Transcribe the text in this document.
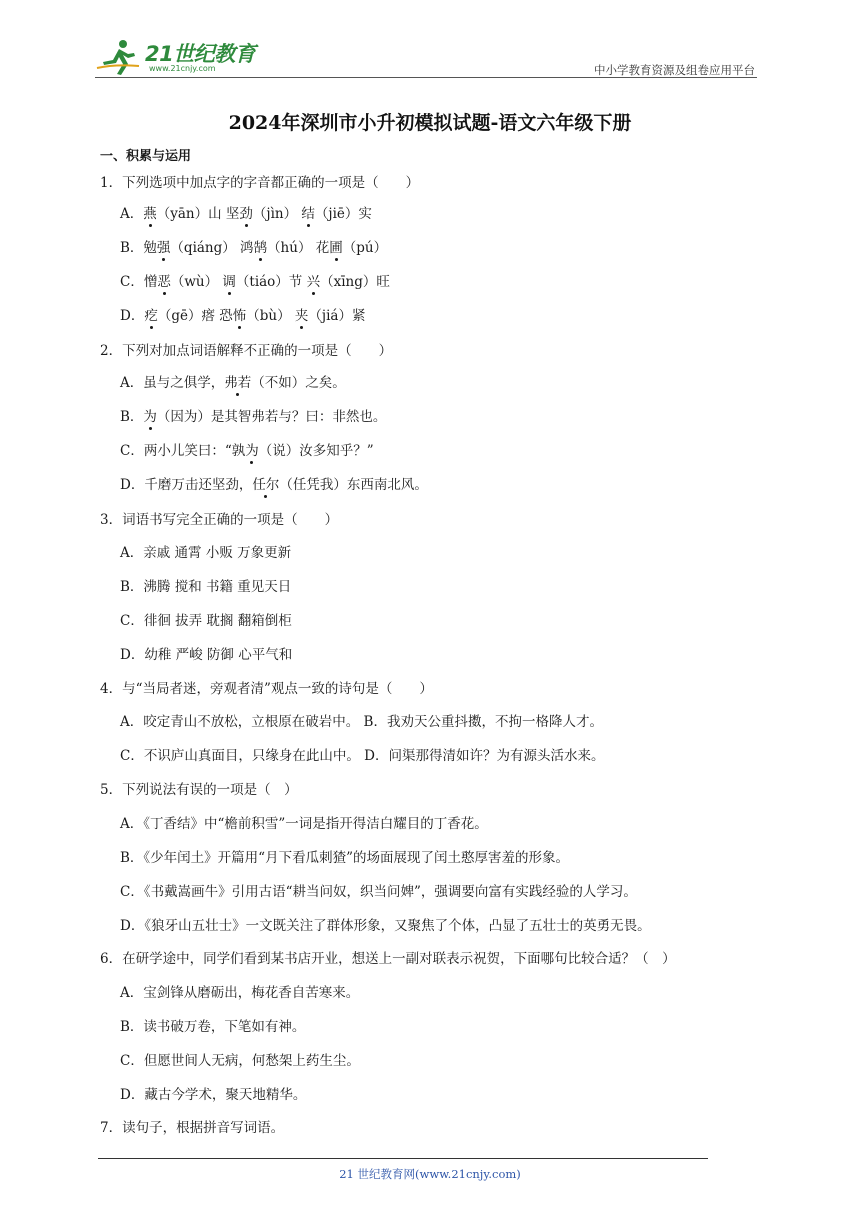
21世纪教育
www.21cnjy.com	中小学教育资源及组卷应用平台
2024年深圳市小升初模拟试题-语文六年级下册
一、积累与运用
1．下列选项中加点字的字音都正确的一项是（　　）
A．燕（yān）山 坚劲（jìn） 结（jiē）实
B．勉强（qiáng） 鸿鹄（hú） 花圃（pú）
C．憎恶（wù） 调（tiáo）节 兴（xīng）旺
D．疙（gē）瘩 恐怖（bù） 夹（jiá）紧
2．下列对加点词语解释不正确的一项是（　　）
A．虽与之俱学，弗若（不如）之矣。
B．为（因为）是其智弗若与？曰：非然也。
C．两小儿笑曰：“孰为（说）汝多知乎？”
D．千磨万击还坚劲，任尔（任凭我）东西南北风。
3．词语书写完全正确的一项是（　　）
A．亲戚 通霄 小贩 万象更新
B．沸腾 搅和 书籍 重见天日
C．徘徊 拔弄 耽搁 翻箱倒柜
D．幼稚 严峻 防御 心平气和
4．与“当局者迷，旁观者清”观点一致的诗句是（　　）
A．咬定青山不放松，立根原在破岩中。 B．我劝天公重抖擞，不拘一格降人才。
C．不识庐山真面目，只缘身在此山中。 D．问渠那得清如许？为有源头活水来。
5．下列说法有误的一项是（　）
A．《丁香结》中“檐前积雪”一词是指开得洁白耀目的丁香花。
B．《少年闰土》开篇用“月下看瓜刺猹”的场面展现了闰土憨厚害羞的形象。
C．《书戴嵩画牛》引用古语“耕当问奴，织当问婢”，强调要向富有实践经验的人学习。
D．《狼牙山五壮士》一文既关注了群体形象，又聚焦了个体，凸显了五壮士的英勇无畏。
6．在研学途中，同学们看到某书店开业，想送上一副对联表示祝贺，下面哪句比较合适？（　）
A．宝剑锋从磨砺出，梅花香自苦寒来。
B．读书破万卷，下笔如有神。
C．但愿世间人无病，何愁架上药生尘。
D．藏古今学术，聚天地精华。
7．读句子，根据拼音写词语。
21 世纪教育网(www.21cnjy.com)
